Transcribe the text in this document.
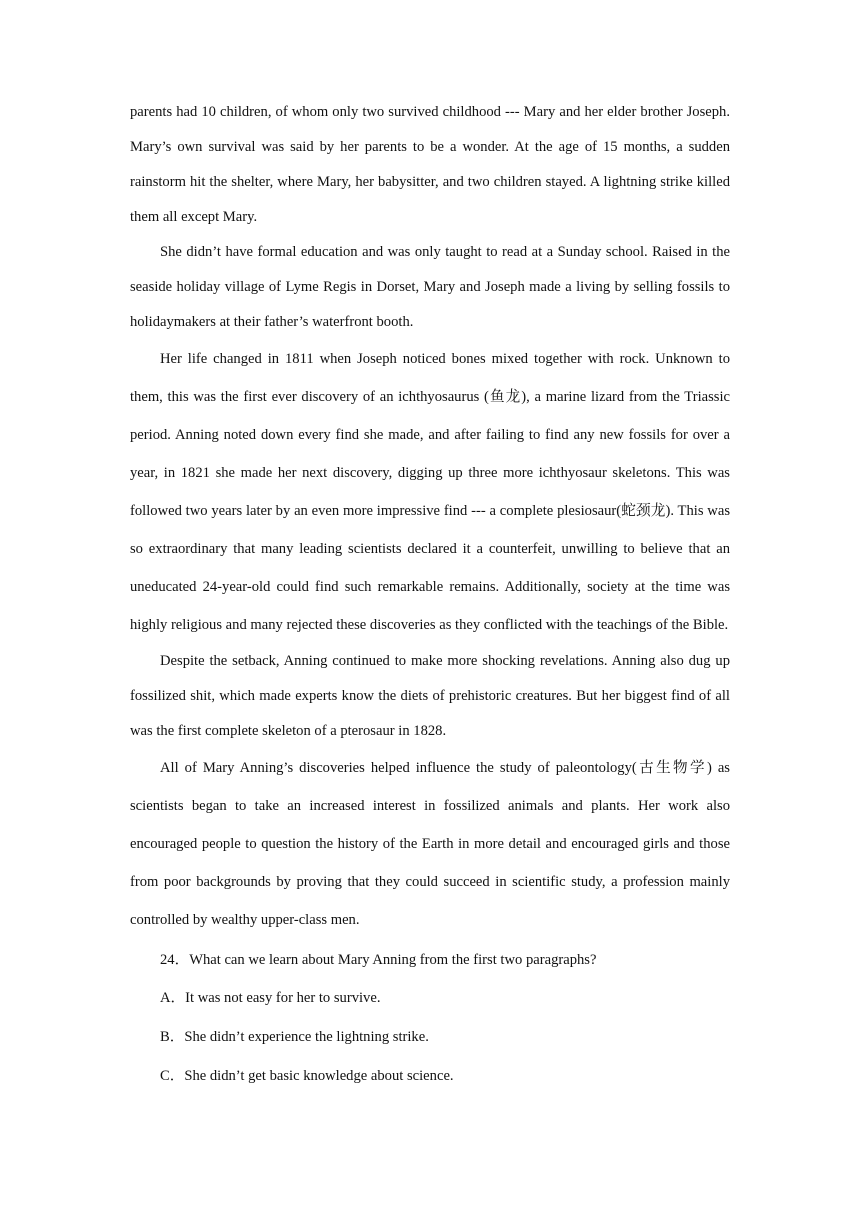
parents had 10 children, of whom only two survived childhood --- Mary and her elder brother Joseph. Mary’s own survival was said by her parents to be a wonder. At the age of 15 months, a sudden rainstorm hit the shelter, where Mary, her babysitter, and two children stayed. A lightning strike killed them all except Mary.

She didn’t have formal education and was only taught to read at a Sunday school. Raised in the seaside holiday village of Lyme Regis in Dorset, Mary and Joseph made a living by selling fossils to holidaymakers at their father’s waterfront booth.

Her life changed in 1811 when Joseph noticed bones mixed together with rock. Unknown to them, this was the first ever discovery of an ichthyosaurus (鱼龙), a marine lizard from the Triassic period. Anning noted down every find she made, and after failing to find any new fossils for over a year, in 1821 she made her next discovery, digging up three more ichthyosaur skeletons. This was followed two years later by an even more impressive find --- a complete plesiosaur(蛇颈龙). This was so extraordinary that many leading scientists declared it a counterfeit, unwilling to believe that an uneducated 24-year-old could find such remarkable remains. Additionally, society at the time was highly religious and many rejected these discoveries as they conflicted with the teachings of the Bible.

Despite the setback, Anning continued to make more shocking revelations. Anning also dug up fossilized shit, which made experts know the diets of prehistoric creatures. But her biggest find of all was the first complete skeleton of a pterosaur in 1828.

All of Mary Anning’s discoveries helped influence the study of paleontology(古生物学) as scientists began to take an increased interest in fossilized animals and plants. Her work also encouraged people to question the history of the Earth in more detail and encouraged girls and those from poor backgrounds by proving that they could succeed in scientific study, a profession mainly controlled by wealthy upper-class men.

24．What can we learn about Mary Anning from the first two paragraphs?

A．It was not easy for her to survive.

B．She didn’t experience the lightning strike.

C．She didn’t get basic knowledge about science.
